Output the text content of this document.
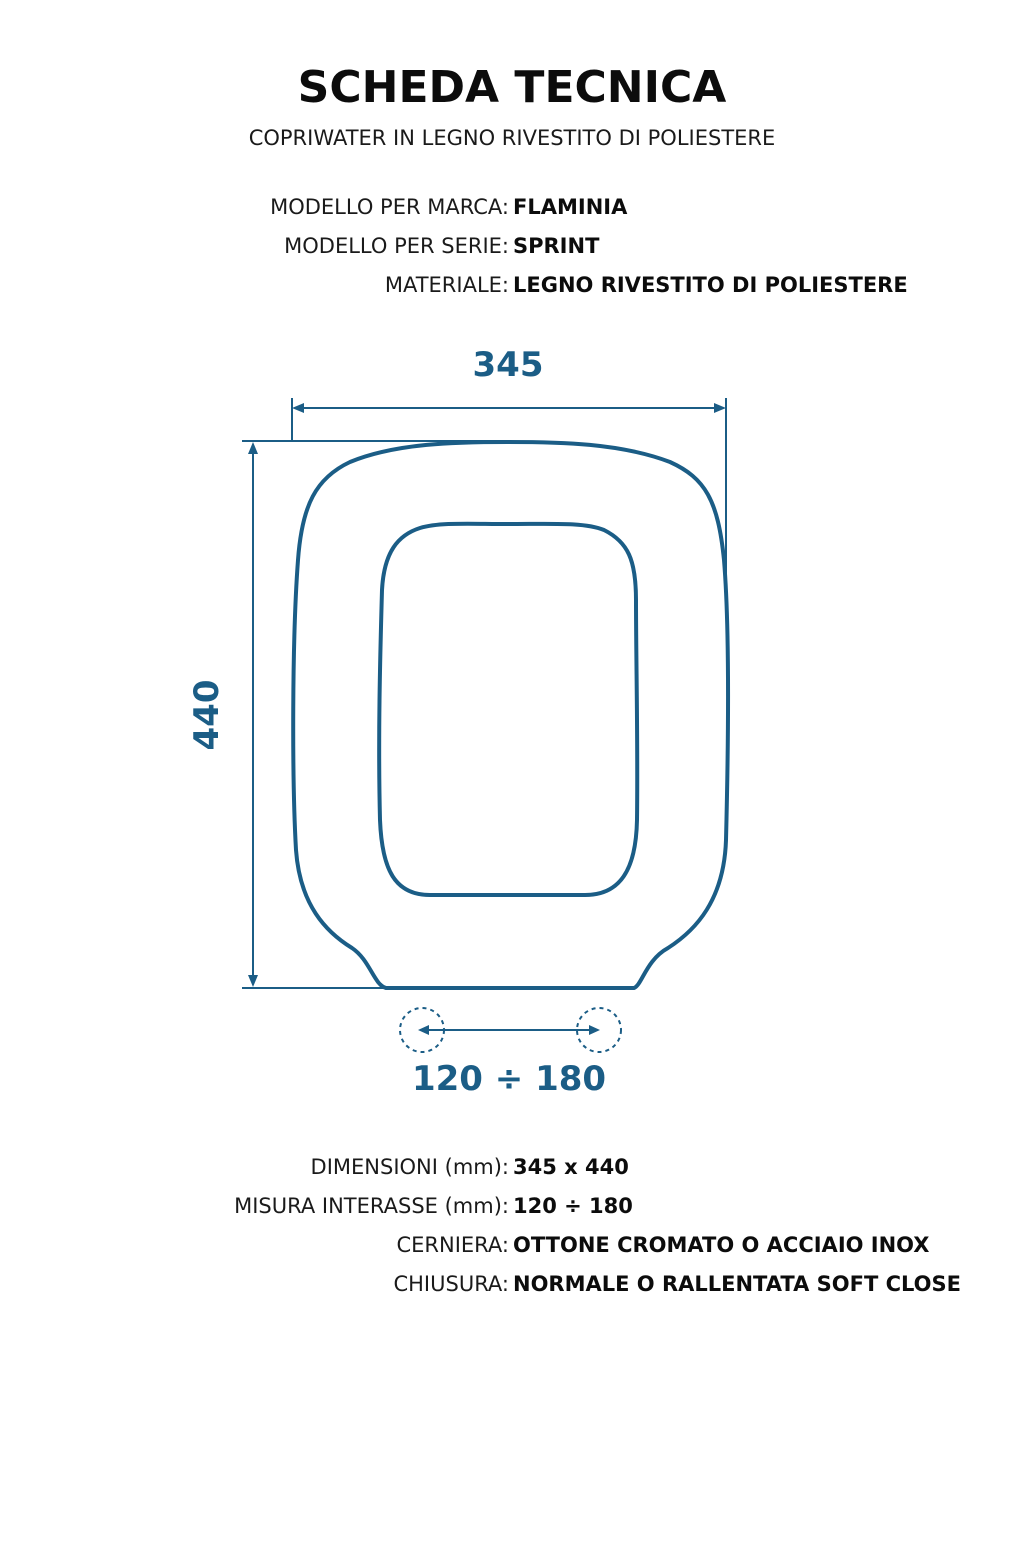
SCHEDA TECNICA
COPRIWATER IN LEGNO RIVESTITO DI POLIESTERE
MODELLO PER MARCA: FLAMINIA
MODELLO PER SERIE: SPRINT
MATERIALE: LEGNO RIVESTITO DI POLIESTERE
345
440
120 ÷ 180
DIMENSIONI (mm): 345 x 440
MISURA INTERASSE (mm): 120 ÷ 180
CERNIERA: OTTONE CROMATO O ACCIAIO INOX
CHIUSURA: NORMALE O RALLENTATA SOFT CLOSE
